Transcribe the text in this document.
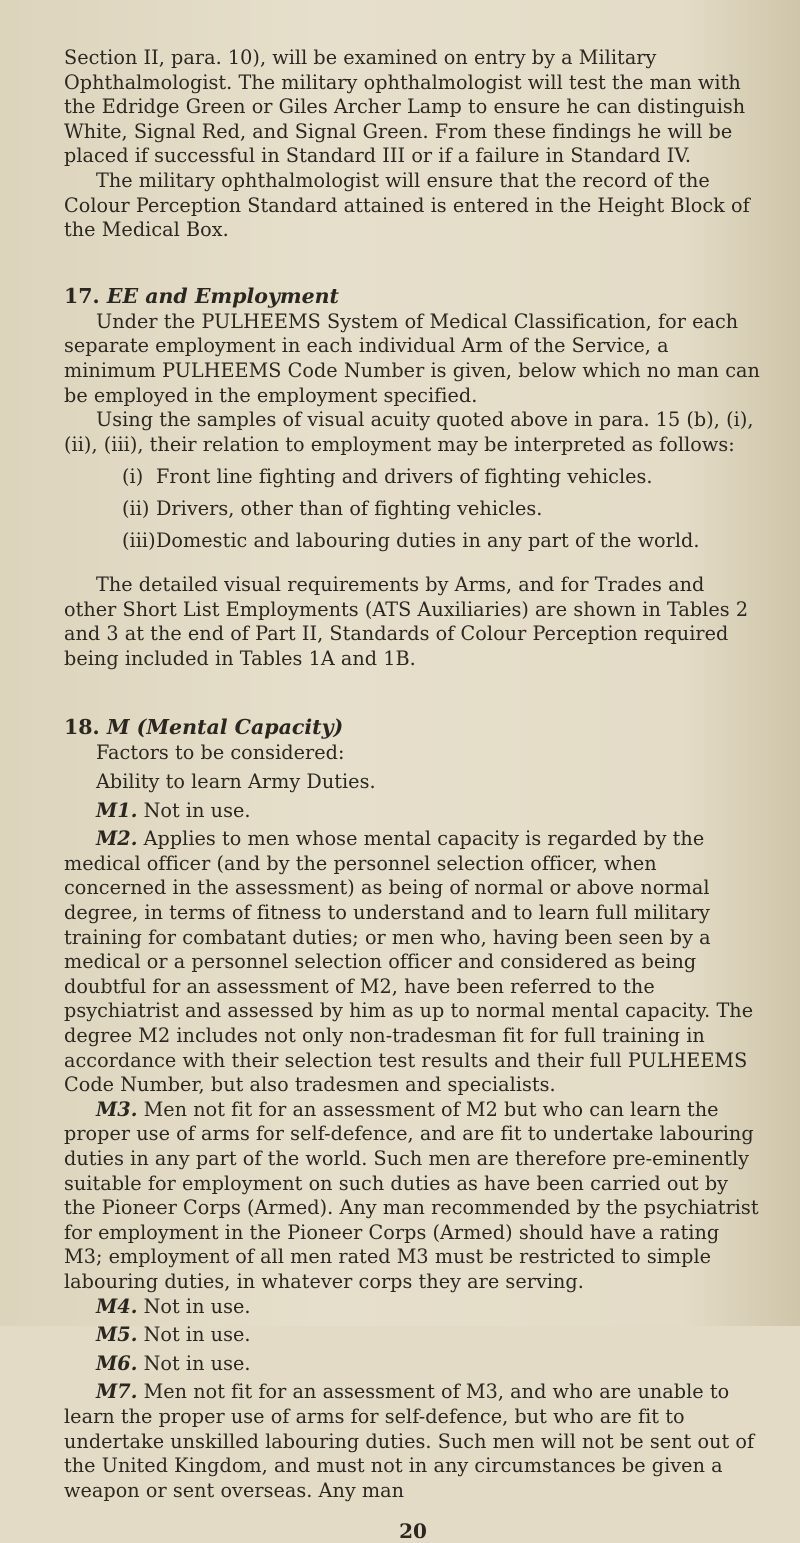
Section II, para. 10), will be examined on entry by a Military Ophthalmologist. The military ophthalmologist will test the man with the Edridge Green or Giles Archer Lamp to ensure he can distinguish White, Signal Red, and Signal Green. From these findings he will be placed if successful in Standard III or if a failure in Standard IV.

The military ophthalmologist will ensure that the record of the Colour Perception Standard attained is entered in the Height Block of the Medical Box.

17. EE and Employment

Under the PULHEEMS System of Medical Classification, for each separate employment in each individual Arm of the Service, a minimum PULHEEMS Code Number is given, below which no man can be employed in the employment specified.

Using the samples of visual acuity quoted above in para. 15 (b), (i), (ii), (iii), their relation to employment may be interpreted as follows:

(i) Front line fighting and drivers of fighting vehicles.

(ii) Drivers, other than of fighting vehicles.

(iii)Domestic and labouring duties in any part of the world.

The detailed visual requirements by Arms, and for Trades and other Short List Employments (ATS Auxiliaries) are shown in Tables 2 and 3 at the end of Part II, Standards of Colour Perception required being included in Tables 1A and 1B.

18. M (Mental Capacity)

Factors to be considered:

Ability to learn Army Duties.

M1. Not in use.

M2. Applies to men whose mental capacity is regarded by the medical officer (and by the personnel selection officer, when concerned in the assessment) as being of normal or above normal degree, in terms of fitness to understand and to learn full military training for combatant duties; or men who, having been seen by a medical or a personnel selection officer and considered as being doubtful for an assessment of M2, have been referred to the psychiatrist and assessed by him as up to normal mental capacity. The degree M2 includes not only non-tradesman fit for full training in accordance with their selection test results and their full PULHEEMS Code Number, but also tradesmen and specialists.

M3. Men not fit for an assessment of M2 but who can learn the proper use of arms for self-defence, and are fit to undertake labouring duties in any part of the world. Such men are therefore pre-eminently suitable for employment on such duties as have been carried out by the Pioneer Corps (Armed). Any man recommended by the psychiatrist for employment in the Pioneer Corps (Armed) should have a rating M3; employment of all men rated M3 must be restricted to simple labouring duties, in whatever corps they are serving.

M4. Not in use.

M5. Not in use.

M6. Not in use.

M7. Men not fit for an assessment of M3, and who are unable to learn the proper use of arms for self-defence, but who are fit to undertake unskilled labouring duties. Such men will not be sent out of the United Kingdom, and must not in any circumstances be given a weapon or sent overseas. Any man

20
